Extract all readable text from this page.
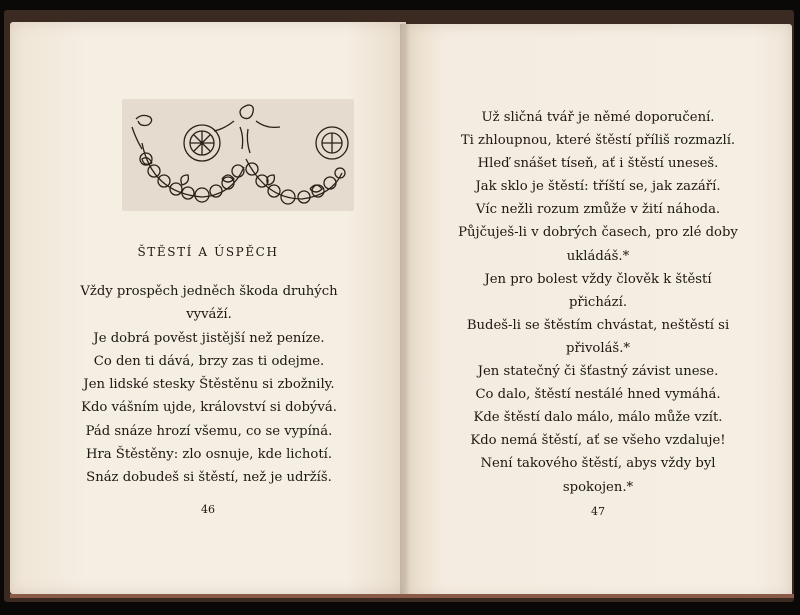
ŠTĚSTÍ A ÚSPĚCH
Vždy prospěch jedněch škoda druhých
vyváží.
Je dobrá pověst jistější než peníze.
Co den ti dává, brzy zas ti odejme.
Jen lidské stesky Štěstěnu si zbožnily.
Kdo vášním ujde, království si dobývá.
Pád snáze hrozí všemu, co se vypíná.
Hra Štěstěny: zlo osnuje, kde lichotí.
Snáz dobudeš si štěstí, než je udržíš.
46
Už sličná tvář je němé doporučení.
Ti zhloupnou, které štěstí příliš rozmazlí.
Hleď snášet tíseň, ať i štěstí uneseš.
Jak sklo je štěstí: tříští se, jak zazáří.
Víc nežli rozum zmůže v žití náhoda.
Půjčuješ-li v dobrých časech, pro zlé doby
ukládáš.*
Jen pro bolest vždy člověk k štěstí
přichází.
Budeš-li se štěstím chvástat, neštěstí si
přivoláš.*
Jen statečný či šťastný závist unese.
Co dalo, štěstí nestálé hned vymáhá.
Kde štěstí dalo málo, málo může vzít.
Kdo nemá štěstí, ať se všeho vzdaluje!
Není takového štěstí, abys vždy byl
spokojen.*
47
